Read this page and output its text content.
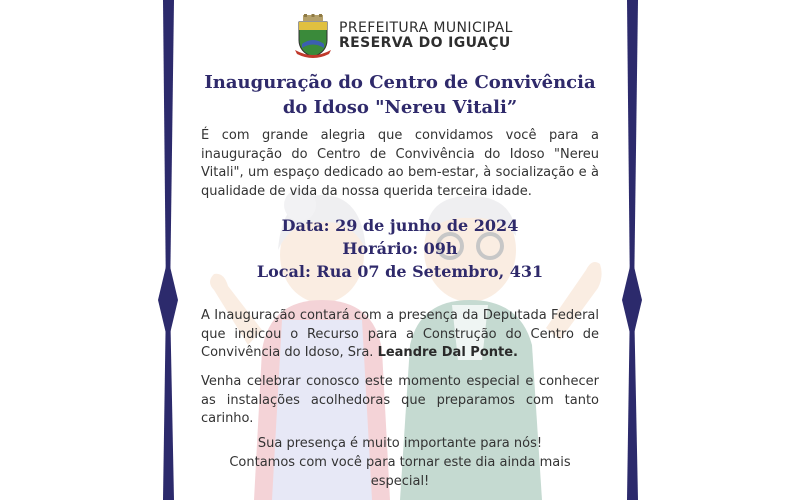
PREFEITURA MUNICIPAL
RESERVA DO IGUAÇU
Inauguração do Centro de Convivência do Idoso "Nereu Vitali”

É com grande alegria que convidamos você para a inauguração do Centro de Convivência do Idoso "Nereu Vitali", um espaço dedicado ao bem-estar, à socialização e à qualidade de vida da nossa querida terceira idade.

Data: 29 de junho de 2024
Horário: 09h
Local: Rua 07 de Setembro, 431

A Inauguração contará com a presença da Deputada Federal que indicou o Recurso para a Construção do Centro de Convivência do Idoso, Sra. Leandre Dal Ponte.

Venha celebrar conosco este momento especial e conhecer as instalações acolhedoras que preparamos com tanto carinho.

Sua presença é muito importante para nós!
Contamos com você para tornar este dia ainda mais especial!
